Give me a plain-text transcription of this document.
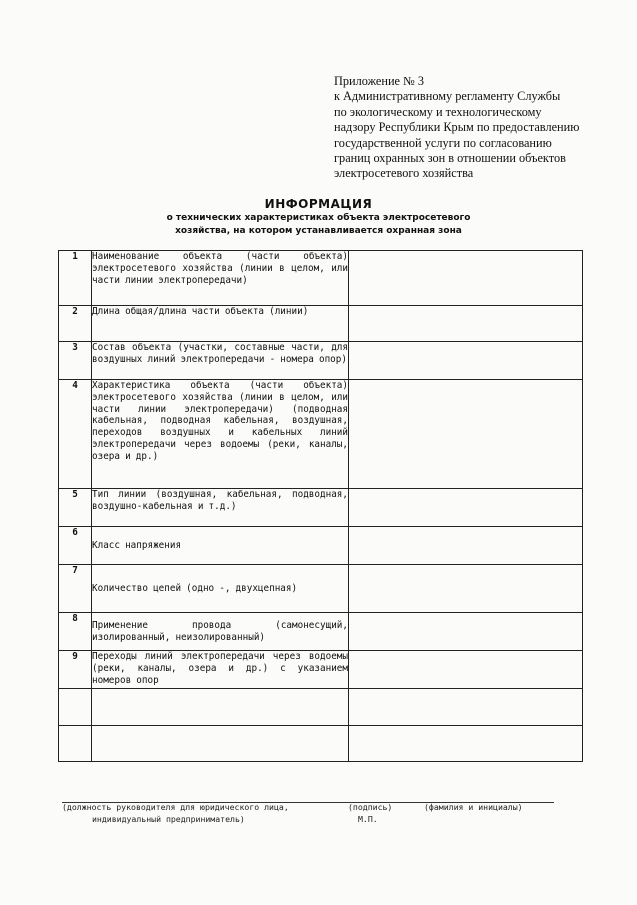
Приложение № 3
к Административному регламенту Службы
по экологическому и технологическому
надзору Республики Крым по предоставлению
государственной услуги по согласованию
границ охранных зон в отношении объектов
электросетевого хозяйства
ИНФОРМАЦИЯ
о технических характеристиках объекта электросетевого
хозяйства, на котором устанавливается охранная зона
1	Наименование объекта (части объекта) электросетевого хозяйства (линии в целом, или части линии электропередачи)	
2	Длина общая/длина части объекта (линии)	
3	Состав объекта (участки, составные части, для воздушных линий электропередачи - номера опор)	
4	Характеристика объекта (части объекта) электросетевого хозяйства (линии в целом, или части линии электропередачи) (подводная кабельная, подводная кабельная, воздушная, переходов воздушных и кабельных линий электропередачи через водоемы (реки, каналы, озера и др.)	
5	Тип линии (воздушная, кабельная, подводная, воздушно-кабельная и т.д.)	
6	Класс напряжения	
7	Количество цепей (одно -, двухцепная)	
8	Применение провода (самонесущий, изолированный, неизолированный)	
9	Переходы линий электропередачи через водоемы (реки, каналы, озера и др.) с указанием номеров опор	

(должность руководителя для юридического лица,
индивидуальный предприниматель)
(подпись)
М.П.
(фамилия и инициалы)
